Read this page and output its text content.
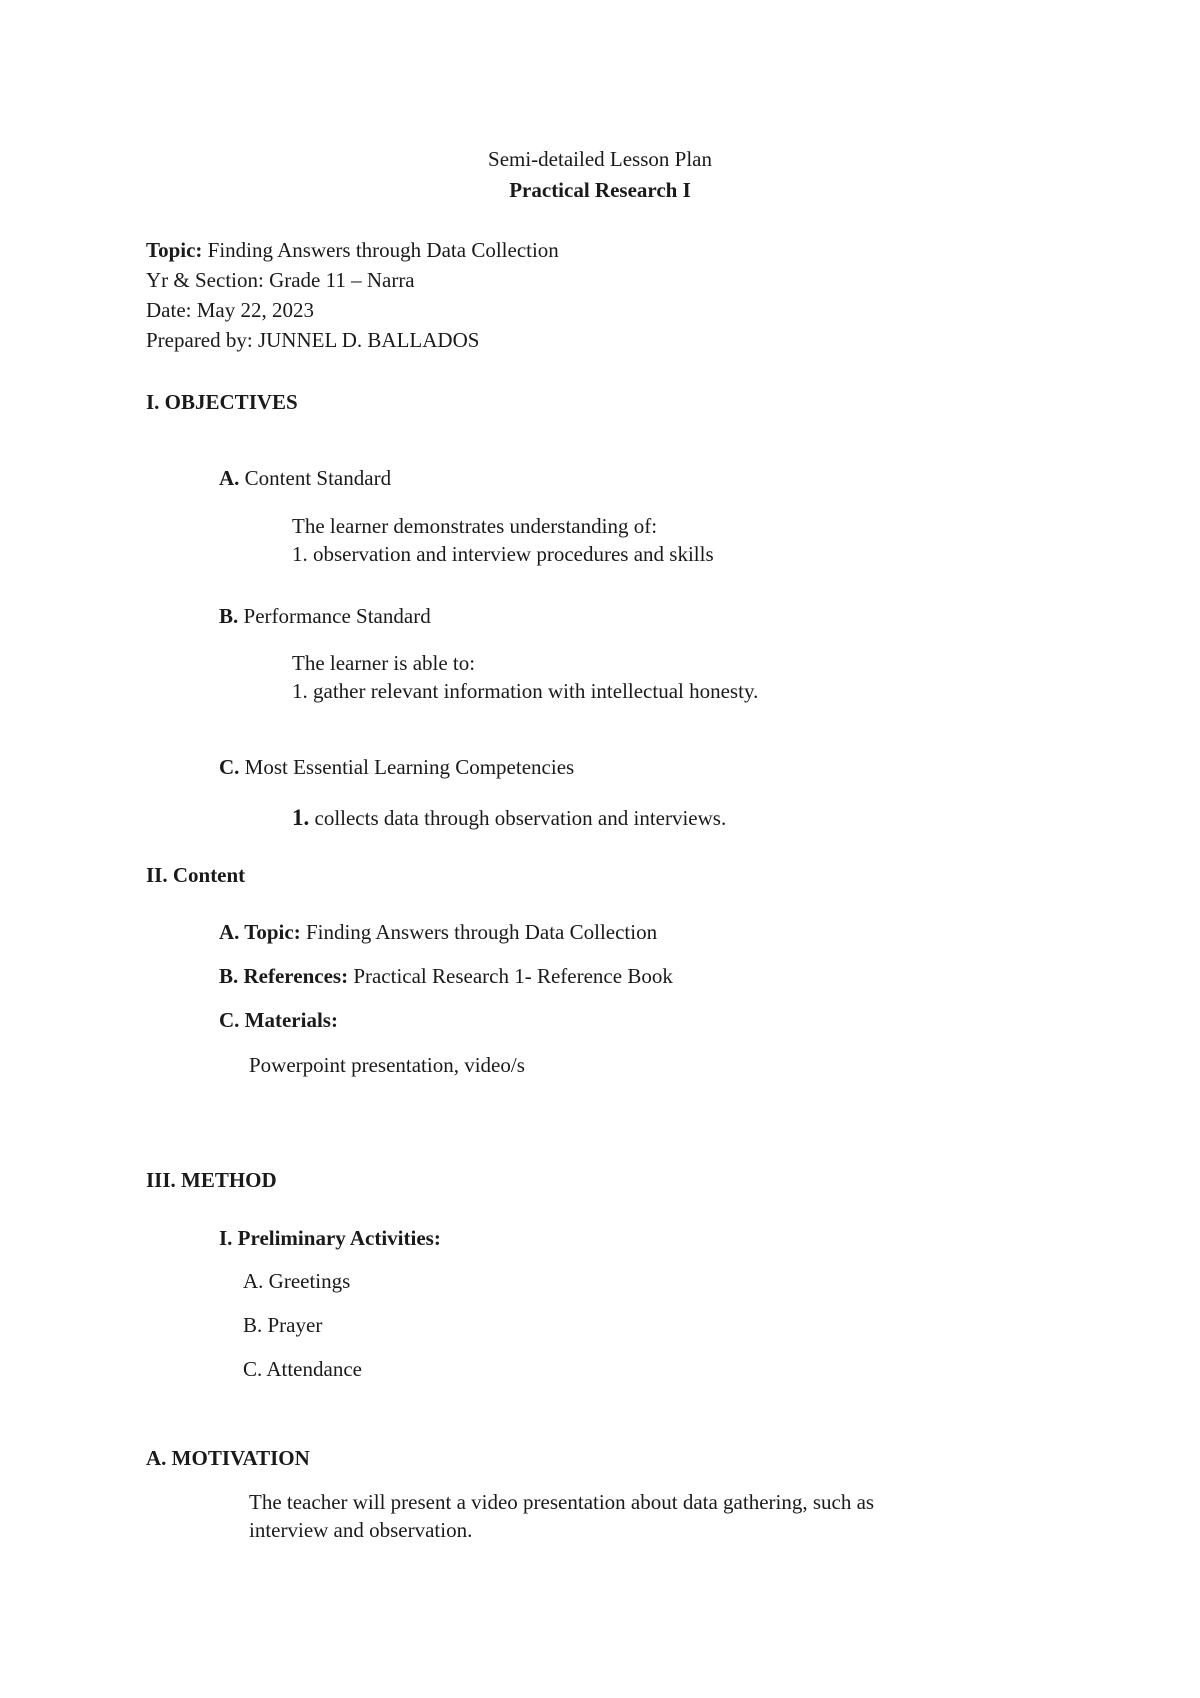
Semi-detailed Lesson Plan
Practical Research I
Topic: Finding Answers through Data Collection
Yr & Section: Grade 11 – Narra
Date: May 22, 2023
Prepared by: JUNNEL D. BALLADOS
I. OBJECTIVES
A. Content Standard
The learner demonstrates understanding of:
1. observation and interview procedures and skills
B. Performance Standard
The learner is able to:
1. gather relevant information with intellectual honesty.
C. Most Essential Learning Competencies
1. collects data through observation and interviews.
II. Content
A. Topic: Finding Answers through Data Collection
B. References: Practical Research 1- Reference Book
C. Materials:
Powerpoint presentation, video/s
III. METHOD
I. Preliminary Activities:
A. Greetings
B. Prayer
C. Attendance
A. MOTIVATION
The teacher will present a video presentation about data gathering, such as
interview and observation.
